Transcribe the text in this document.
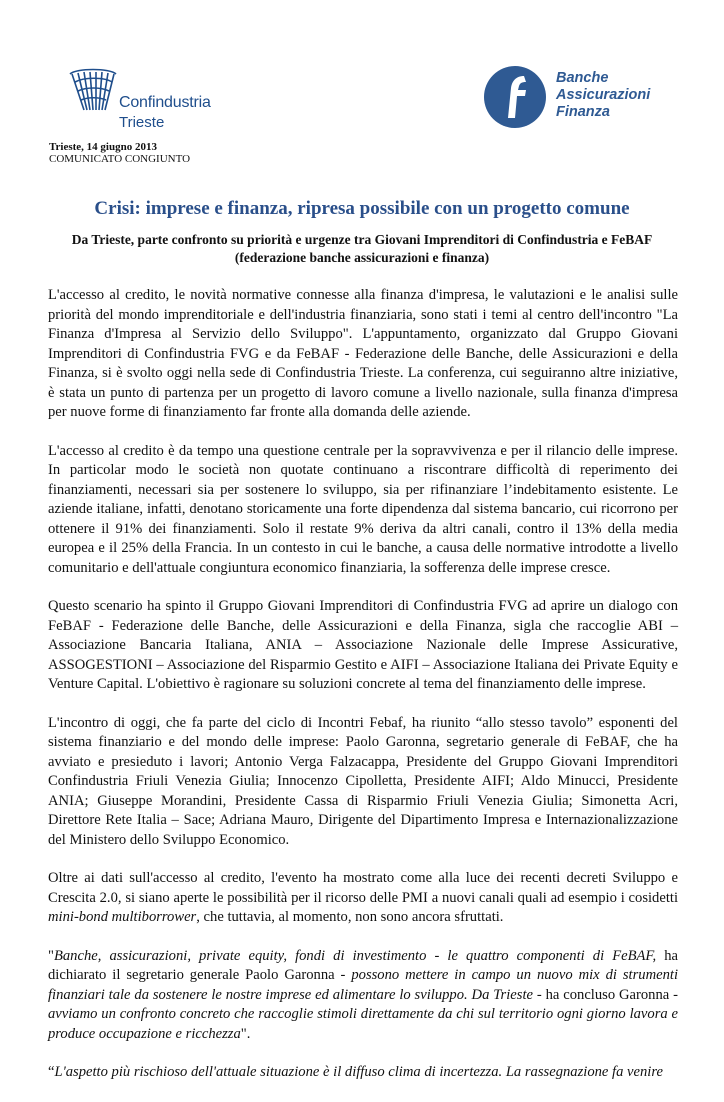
Confindustria
Trieste
Banche
Assicurazioni
Finanza
Trieste, 14 giugno 2013
COMUNICATO CONGIUNTO
Crisi: imprese e finanza, ripresa possibile con un progetto comune
Da Trieste, parte confronto su priorità e urgenze tra Giovani Imprenditori di Confindustria e FeBAF
(federazione banche assicurazioni e finanza)

L'accesso al credito, le novità normative connesse alla finanza d'impresa, le valutazioni e le analisi sulle priorità del mondo imprenditoriale e dell'industria finanziaria, sono stati i temi al centro dell'incontro "La Finanza d'Impresa al Servizio dello Sviluppo". L'appuntamento, organizzato dal Gruppo Giovani Imprenditori di Confindustria FVG e da FeBAF - Federazione delle Banche, delle Assicurazioni e della Finanza, si è svolto oggi nella sede di Confindustria Trieste. La conferenza, cui seguiranno altre iniziative, è stata un punto di partenza per un progetto di lavoro comune a livello nazionale, sulla finanza d'impresa per nuove forme di finanziamento far fronte alla domanda delle aziende.

L'accesso al credito è da tempo una questione centrale per la sopravvivenza e per il rilancio delle imprese. In particolar modo le società non quotate continuano a riscontrare difficoltà di reperimento dei finanziamenti, necessari sia per sostenere lo sviluppo, sia per rifinanziare l’indebitamento esistente. Le aziende italiane, infatti, denotano storicamente una forte dipendenza dal sistema bancario, cui ricorrono per ottenere il 91% dei finanziamenti. Solo il restate 9% deriva da altri canali, contro il 13% della media europea e il 25% della Francia. In un contesto in cui le banche, a causa delle normative introdotte a livello comunitario e dell'attuale congiuntura economico finanziaria, la sofferenza delle imprese cresce.

Questo scenario ha spinto il Gruppo Giovani Imprenditori di Confindustria FVG ad aprire un dialogo con FeBAF - Federazione delle Banche, delle Assicurazioni e della Finanza, sigla che raccoglie ABI – Associazione Bancaria Italiana, ANIA – Associazione Nazionale delle Imprese Assicurative, ASSOGESTIONI – Associazione del Risparmio Gestito e AIFI – Associazione Italiana dei Private Equity e Venture Capital. L'obiettivo è ragionare su soluzioni concrete al tema del finanziamento delle imprese.

L'incontro di oggi, che fa parte del ciclo di Incontri Febaf, ha riunito “allo stesso tavolo” esponenti del sistema finanziario e del mondo delle imprese: Paolo Garonna, segretario generale di FeBAF, che ha avviato e presieduto i lavori; Antonio Verga Falzacappa, Presidente del Gruppo Giovani Imprenditori Confindustria Friuli Venezia Giulia; Innocenzo Cipolletta, Presidente AIFI; Aldo Minucci, Presidente ANIA; Giuseppe Morandini, Presidente Cassa di Risparmio Friuli Venezia Giulia; Simonetta Acri, Direttore Rete Italia – Sace; Adriana Mauro, Dirigente del Dipartimento Impresa e Internazionalizzazione del Ministero dello Sviluppo Economico.

Oltre ai dati sull'accesso al credito, l'evento ha mostrato come alla luce dei recenti decreti Sviluppo e Crescita 2.0, si siano aperte le possibilità per il ricorso delle PMI a nuovi canali quali ad esempio i cosidetti mini-bond multiborrower, che tuttavia, al momento, non sono ancora sfruttati.

"Banche, assicurazioni, private equity, fondi di investimento - le quattro componenti di FeBAF, ha dichiarato il segretario generale Paolo Garonna - possono mettere in campo un nuovo mix di strumenti finanziari tale da sostenere le nostre imprese ed alimentare lo sviluppo. Da Trieste - ha concluso Garonna - avviamo un confronto concreto che raccoglie stimoli direttamente da chi sul territorio ogni giorno lavora e produce occupazione e ricchezza".

“L'aspetto più rischioso dell'attuale situazione è il diffuso clima di incertezza. La rassegnazione fa venire
